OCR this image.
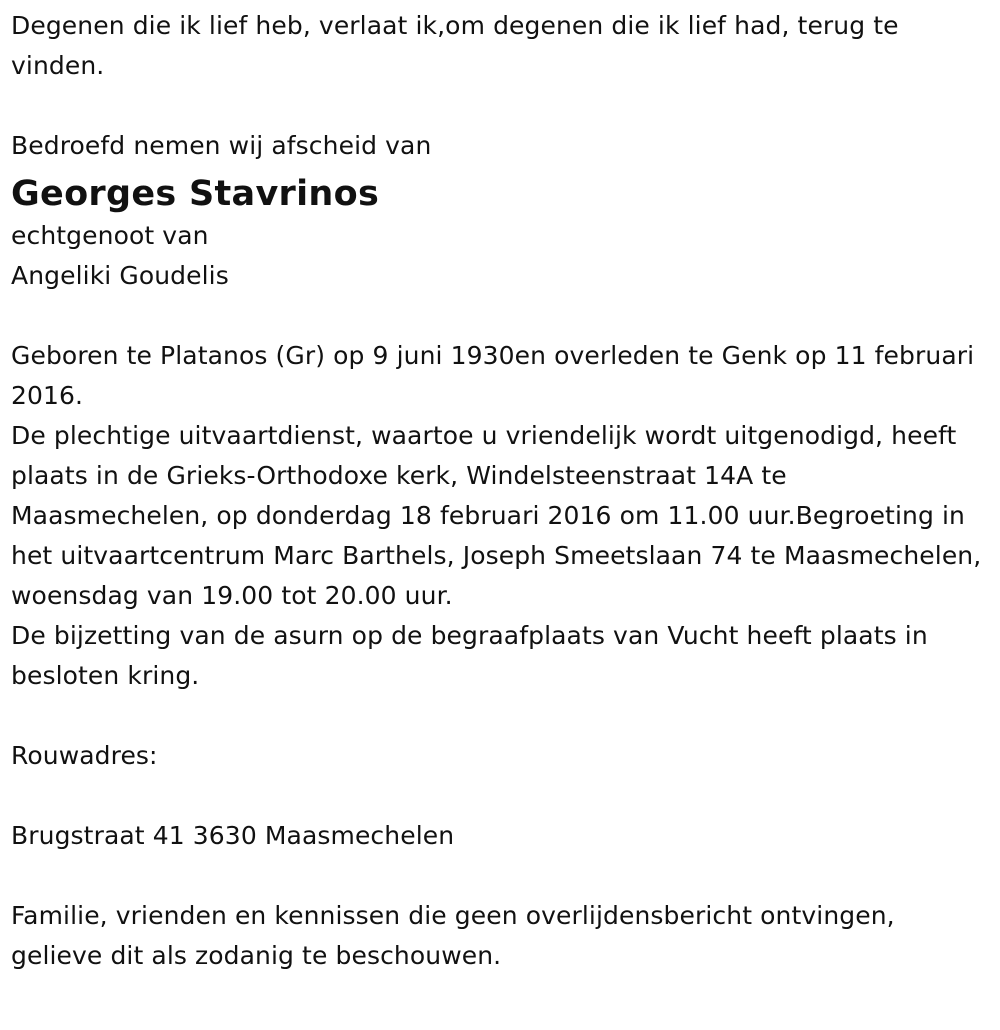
Degenen die ik lief heb, verlaat ik,om degenen die ik lief had, terug te vinden.

Bedroefd nemen wij afscheid van

Georges Stavrinos

echtgenoot van

Angeliki Goudelis

Geboren te Platanos (Gr) op 9 juni 1930en overleden te Genk op 11 februari 2016.

De plechtige uitvaartdienst, waartoe u vriendelijk wordt uitgenodigd, heeft plaats in de Grieks-Orthodoxe kerk, Windelsteenstraat 14A te Maasmechelen, op donderdag 18 februari 2016 om 11.00 uur.Begroeting in het uitvaartcentrum Marc Barthels, Joseph Smeetslaan 74 te Maasmechelen, woensdag van 19.00 tot 20.00 uur.

De bijzetting van de asurn op de begraafplaats van Vucht heeft plaats in besloten kring.

Rouwadres:

Brugstraat 41 3630 Maasmechelen

Familie, vrienden en kennissen die geen overlijdensbericht ontvingen, gelieve dit als zodanig te beschouwen.
